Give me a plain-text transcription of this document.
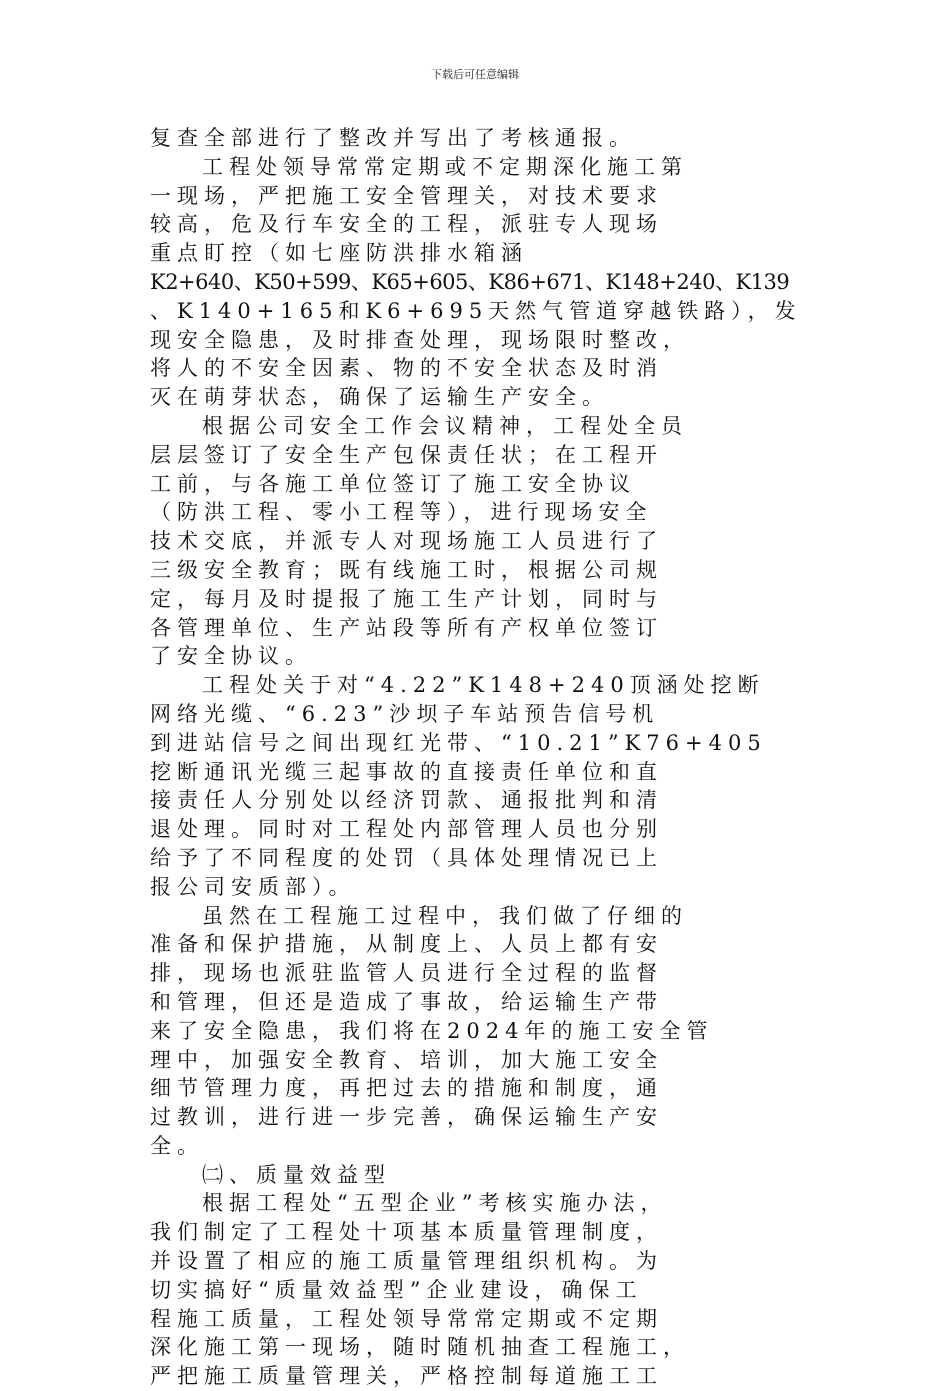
下载后可任意编辑
复查全部进行了整改并写出了考核通报。
工程处领导常常定期或不定期深化施工第
一现场，严把施工安全管理关，对技术要求
较高，危及行车安全的工程，派驻专人现场
重点盯控（如七座防洪排水箱涵
K2+640、K50+599、K65+605、K86+671、K148+240、K139
、K140+165和K6+695天然气管道穿越铁路），发
现安全隐患，及时排查处理，现场限时整改，
将人的不安全因素、物的不安全状态及时消
灭在萌芽状态，确保了运输生产安全。
根据公司安全工作会议精神，工程处全员
层层签订了安全生产包保责任状；在工程开
工前，与各施工单位签订了施工安全协议
（防洪工程、零小工程等），进行现场安全
技术交底，并派专人对现场施工人员进行了
三级安全教育；既有线施工时，根据公司规
定，每月及时提报了施工生产计划，同时与
各管理单位、生产站段等所有产权单位签订
了安全协议。
工程处关于对“4.22”K148+240顶涵处挖断
网络光缆、“6.23”沙坝子车站预告信号机
到进站信号之间出现红光带、“10.21”K76+405
挖断通讯光缆三起事故的直接责任单位和直
接责任人分别处以经济罚款、通报批判和清
退处理。同时对工程处内部管理人员也分别
给予了不同程度的处罚（具体处理情况已上
报公司安质部）。
虽然在工程施工过程中，我们做了仔细的
准备和保护措施，从制度上、人员上都有安
排，现场也派驻监管人员进行全过程的监督
和管理，但还是造成了事故，给运输生产带
来了安全隐患，我们将在2024年的施工安全管
理中，加强安全教育、培训，加大施工安全
细节管理力度，再把过去的措施和制度，通
过教训，进行进一步完善，确保运输生产安
全。
㈡、质量效益型
根据工程处“五型企业”考核实施办法，
我们制定了工程处十项基本质量管理制度，
并设置了相应的施工质量管理组织机构。为
切实搞好“质量效益型”企业建设，确保工
程施工质量，工程处领导常常定期或不定期
深化施工第一现场，随时随机抽查工程施工，
严把施工质量管理关，严格控制每道施工工
